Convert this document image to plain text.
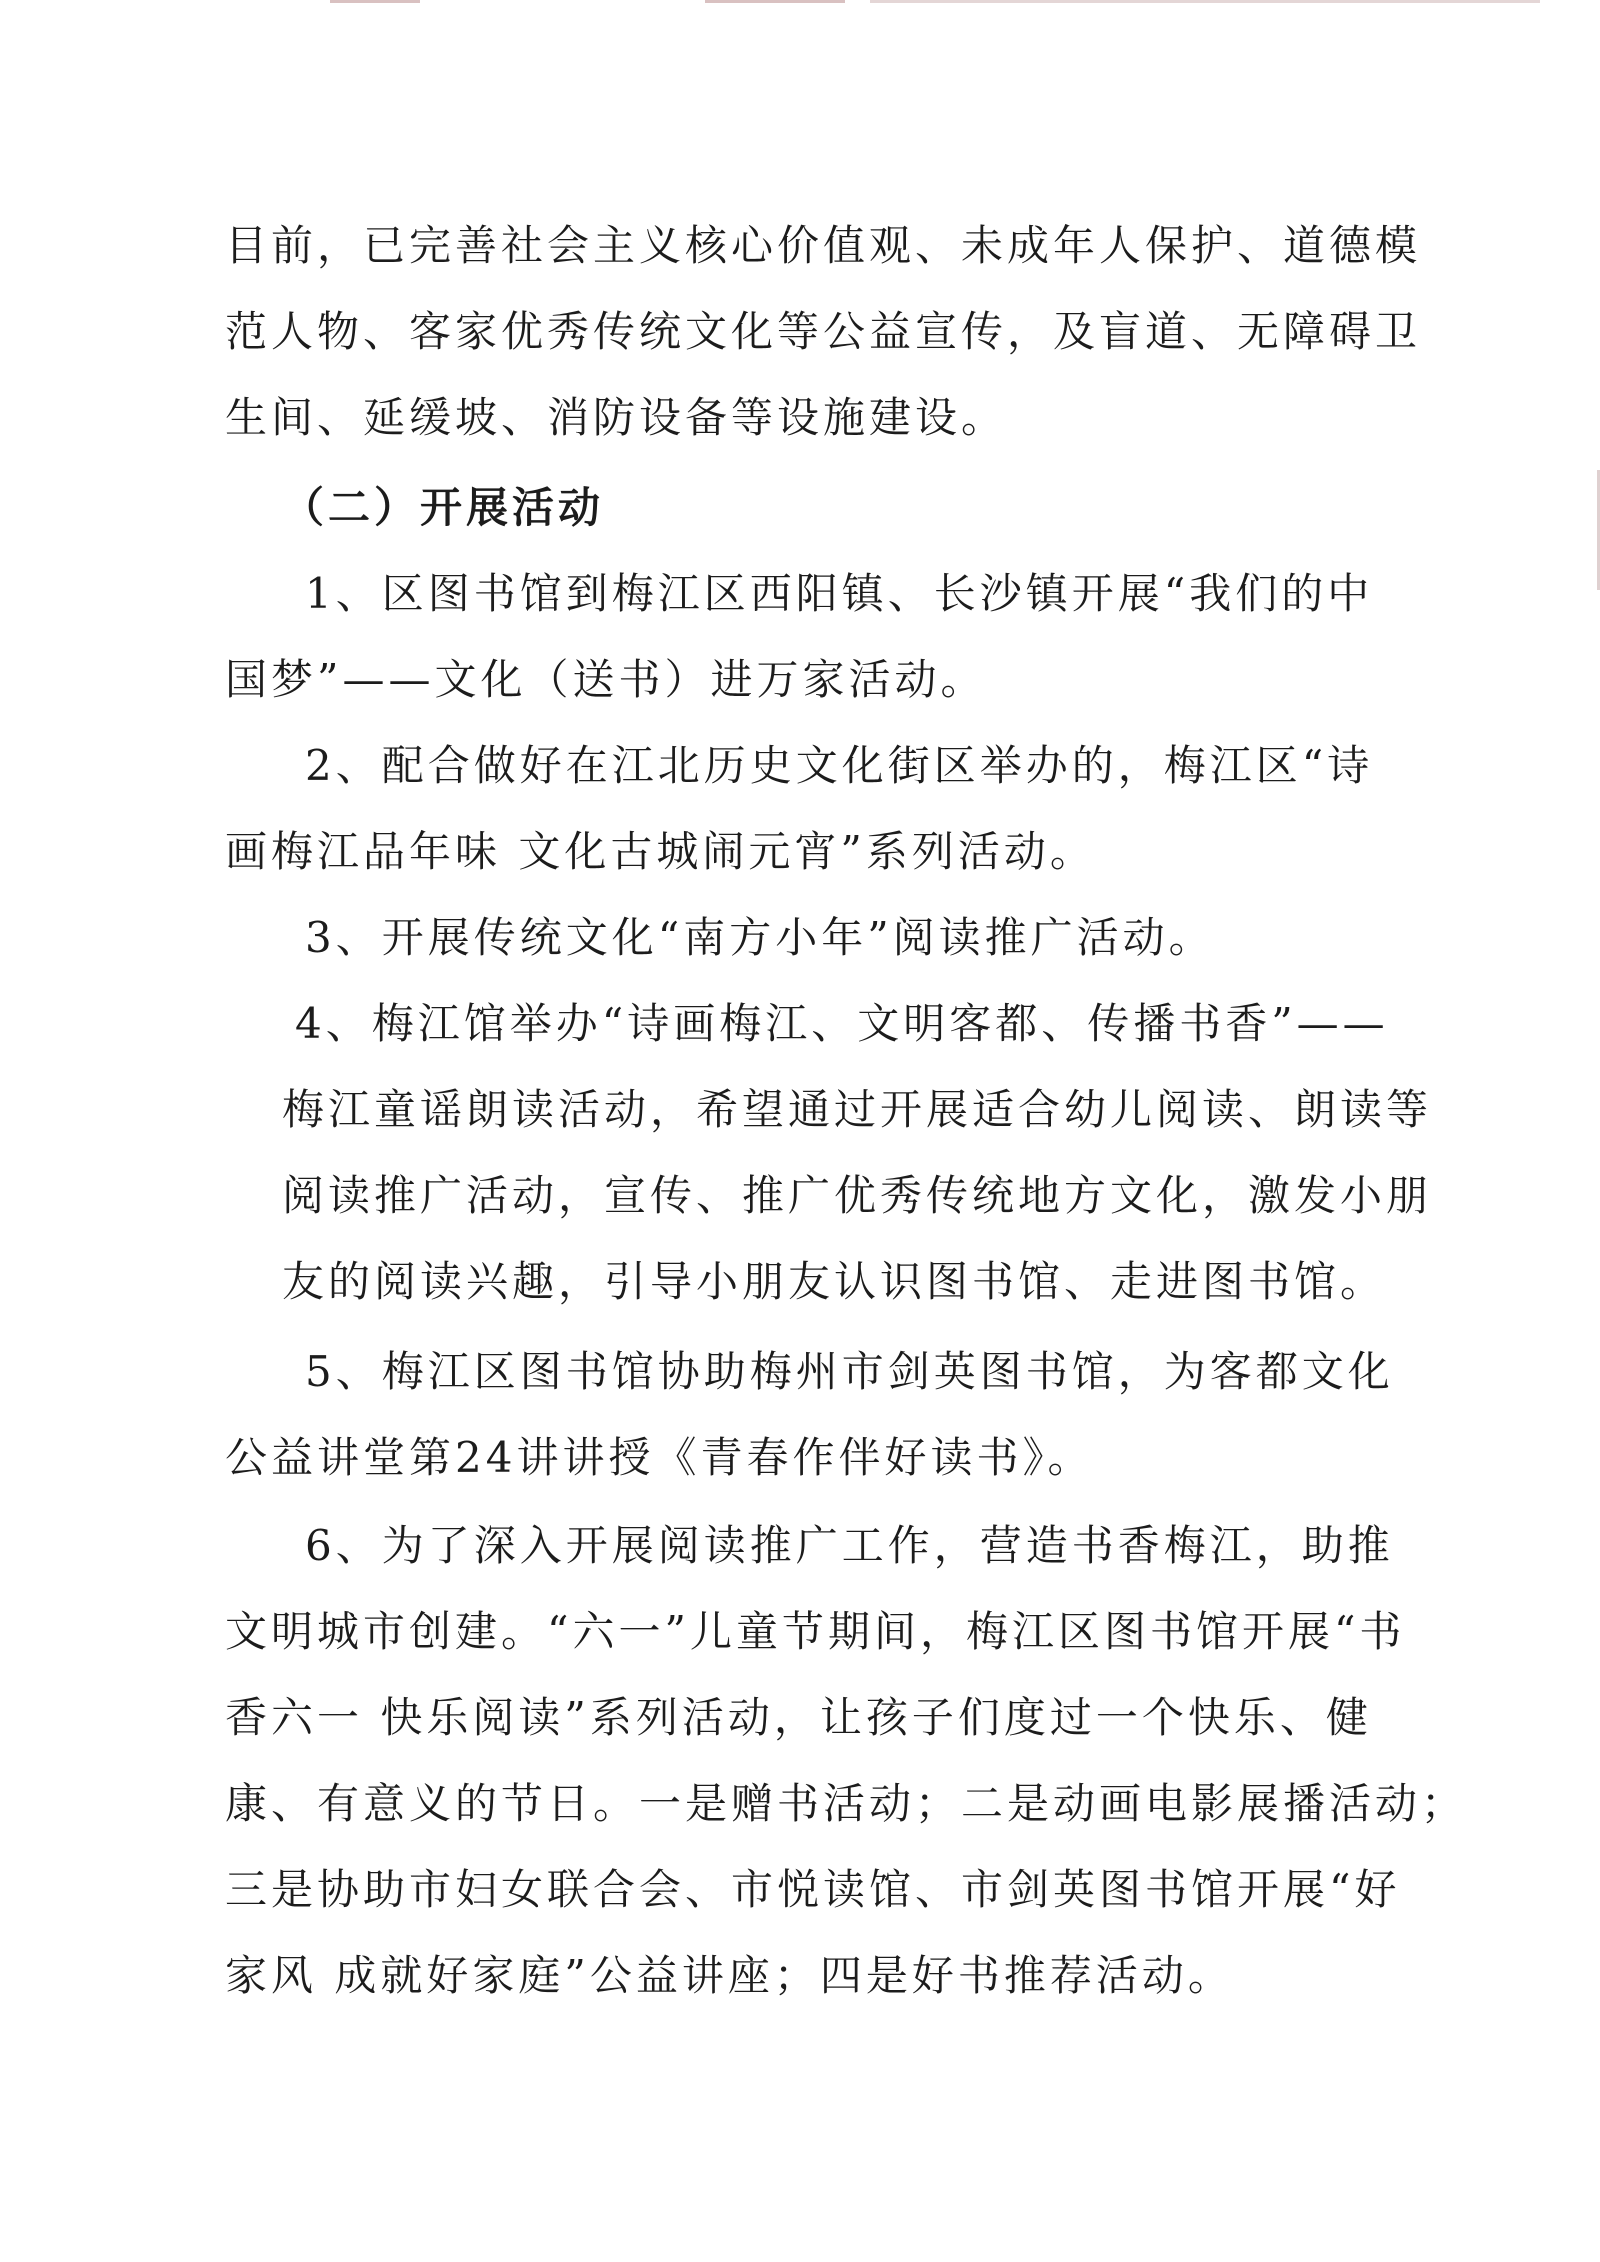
目前，已完善社会主义核心价值观、未成年人保护、道德模
范人物、客家优秀传统文化等公益宣传，及盲道、无障碍卫
生间、延缓坡、消防设备等设施建设。
（二）开展活动
1、区图书馆到梅江区西阳镇、长沙镇开展“我们的中
国梦”——文化（送书）进万家活动。
2、配合做好在江北历史文化街区举办的，梅江区“诗
画梅江品年味 文化古城闹元宵”系列活动。
3、开展传统文化“南方小年”阅读推广活动。
4、梅江馆举办“诗画梅江、文明客都、传播书香”——
梅江童谣朗读活动，希望通过开展适合幼儿阅读、朗读等
阅读推广活动，宣传、推广优秀传统地方文化，激发小朋
友的阅读兴趣，引导小朋友认识图书馆、走进图书馆。
5、梅江区图书馆协助梅州市剑英图书馆，为客都文化
公益讲堂第24讲讲授《青春作伴好读书》。
6、为了深入开展阅读推广工作，营造书香梅江，助推
文明城市创建。“六一”儿童节期间，梅江区图书馆开展“书
香六一 快乐阅读”系列活动，让孩子们度过一个快乐、健
康、有意义的节日。一是赠书活动；二是动画电影展播活动；
三是协助市妇女联合会、市悦读馆、市剑英图书馆开展“好
家风 成就好家庭”公益讲座；四是好书推荐活动。
